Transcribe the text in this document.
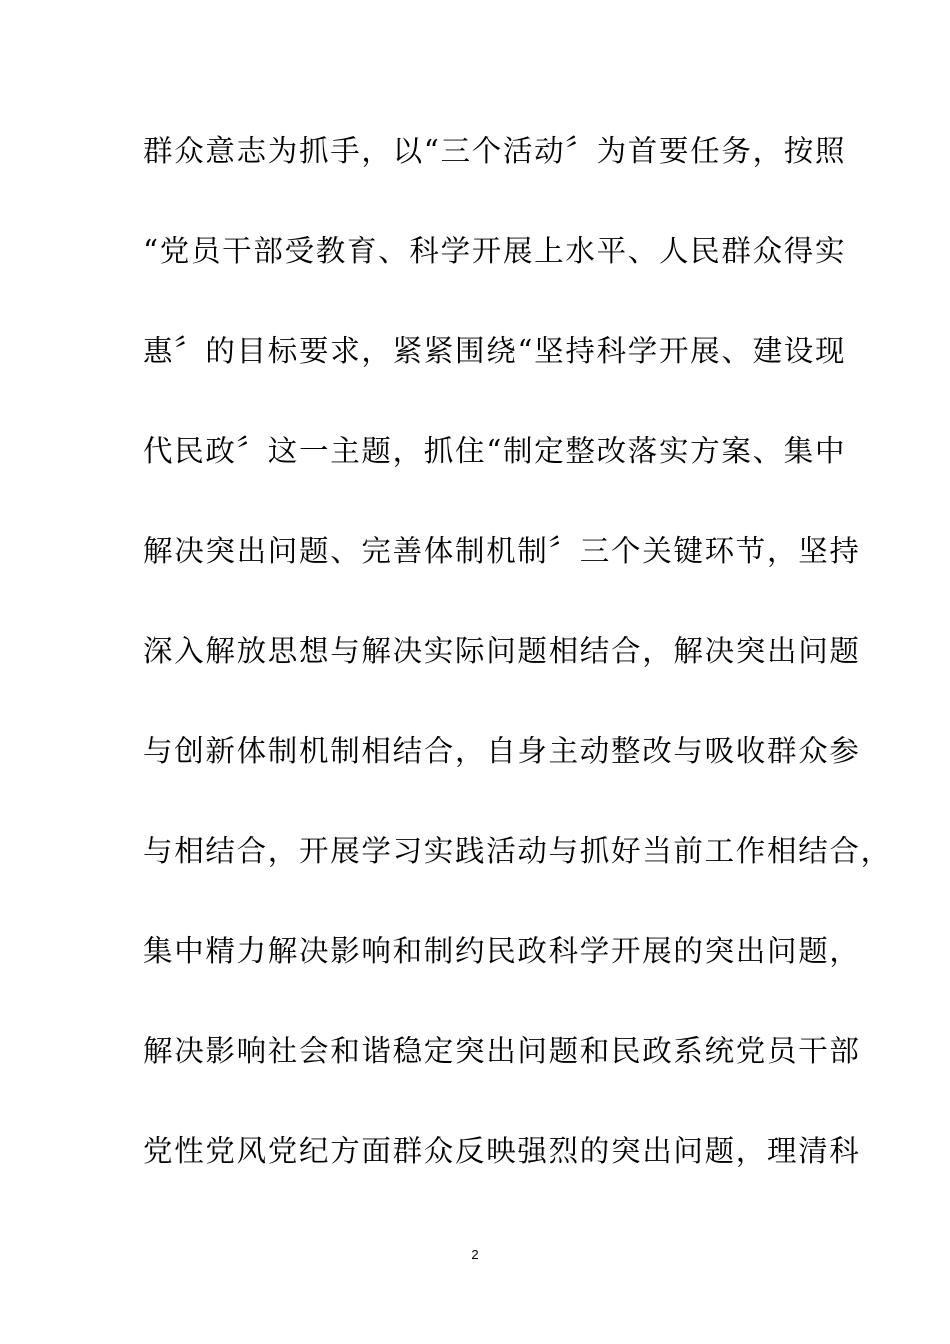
群众意志为抓手，以“三个活动〞为首要任务，按照
“党员干部受教育、科学开展上水平、人民群众得实
惠〞的目标要求，紧紧围绕“坚持科学开展、建设现
代民政〞这一主题，抓住“制定整改落实方案、集中
解决突出问题、完善体制机制〞三个关键环节，坚持
深入解放思想与解决实际问题相结合，解决突出问题
与创新体制机制相结合，自身主动整改与吸收群众参
与相结合，开展学习实践活动与抓好当前工作相结合，
集中精力解决影响和制约民政科学开展的突出问题，
解决影响社会和谐稳定突出问题和民政系统党员干部
党性党风党纪方面群众反映强烈的突出问题，理清科
2
